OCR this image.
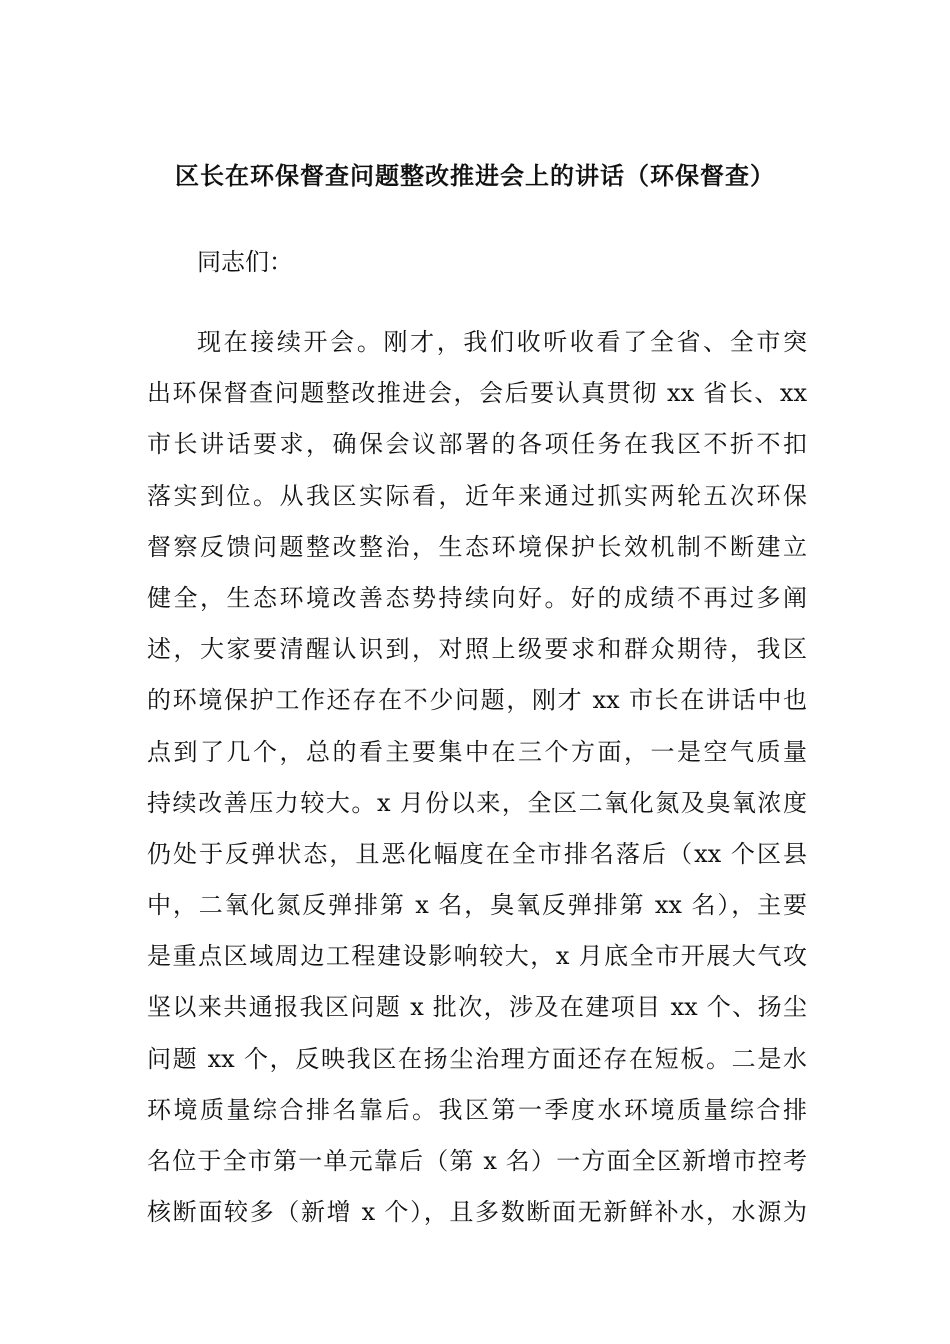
区长在环保督查问题整改推进会上的讲话（环保督查）

同志们：

现在接续开会。刚才，我们收听收看了全省、全市突
出环保督查问题整改推进会，会后要认真贯彻 xx 省长、xx
市长讲话要求，确保会议部署的各项任务在我区不折不扣
落实到位。从我区实际看，近年来通过抓实两轮五次环保
督察反馈问题整改整治，生态环境保护长效机制不断建立
健全，生态环境改善态势持续向好。好的成绩不再过多阐
述，大家要清醒认识到，对照上级要求和群众期待，我区
的环境保护工作还存在不少问题，刚才 xx 市长在讲话中也
点到了几个，总的看主要集中在三个方面，一是空气质量
持续改善压力较大。x 月份以来，全区二氧化氮及臭氧浓度
仍处于反弹状态，且恶化幅度在全市排名落后（xx 个区县
中，二氧化氮反弹排第 x 名，臭氧反弹排第 xx 名），主要
是重点区域周边工程建设影响较大，x 月底全市开展大气攻
坚以来共通报我区问题 x 批次，涉及在建项目 xx 个、扬尘
问题 xx 个，反映我区在扬尘治理方面还存在短板。二是水
环境质量综合排名靠后。我区第一季度水环境质量综合排
名位于全市第一单元靠后（第 x 名）一方面全区新增市控考
核断面较多（新增 x 个），且多数断面无新鲜补水，水源为
